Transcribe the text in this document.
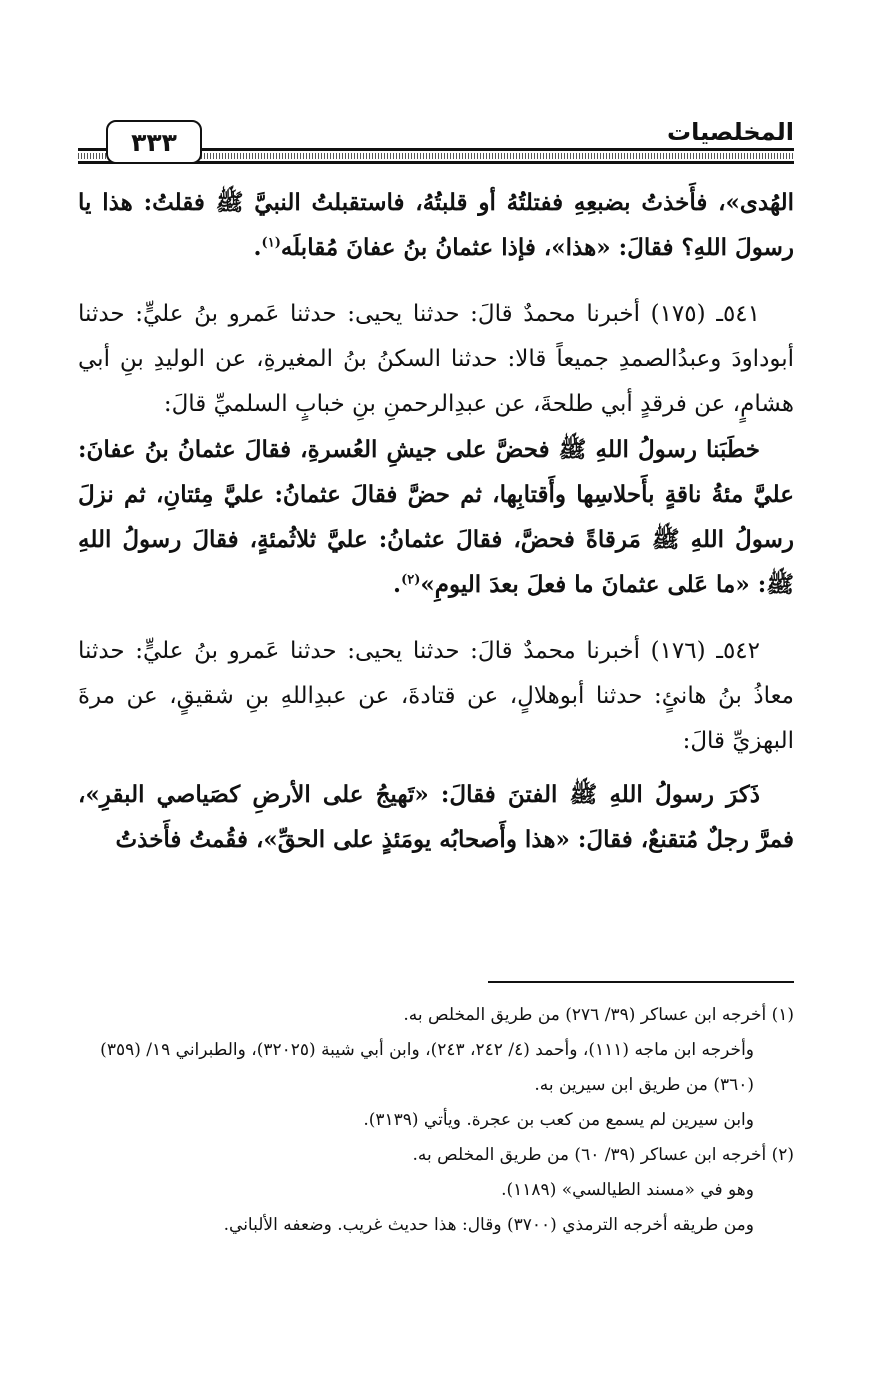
المخلصيات
٣٣٣

الهُدى»، فأَخذتُ بضبعِهِ ففتلتُهُ أو قلبتُهُ، فاستقبلتُ النبيَّ ﷺ فقلتُ: هذا يا رسولَ اللهِ؟ فقالَ: «هذا»، فإذا عثمانُ بنُ عفانَ مُقابلَه$^{(١)}$.

٥٤١ـ (١٧٥) أخبرنا محمدٌ قالَ: حدثنا يحيى: حدثنا عَمرو بنُ عليٍّ: حدثنا أبوداودَ وعبدُالصمدِ جميعاً قالا: حدثنا السكنُ بنُ المغيرةِ، عن الوليدِ بنِ أبي هشامٍ، عن فرقدٍ أبي طلحةَ، عن عبدِالرحمنِ بنِ خبابٍ السلميِّ قالَ:

خطَبَنا رسولُ اللهِ ﷺ فحضَّ على جيشِ العُسرةِ، فقالَ عثمانُ بنُ عفانَ: عليَّ مئةُ ناقةٍ بأَحلاسِها وأَقتابِها، ثم حضَّ فقالَ عثمانُ: عليَّ مِئتانِ، ثم نزلَ رسولُ اللهِ ﷺ مَرقاةً فحضَّ، فقالَ عثمانُ: عليَّ ثلاثُمئةٍ، فقالَ رسولُ اللهِ ﷺ: «ما عَلى عثمانَ ما فعلَ بعدَ اليومِ»$^{(٢)}$.

٥٤٢ـ (١٧٦) أخبرنا محمدٌ قالَ: حدثنا يحيى: حدثنا عَمرو بنُ عليٍّ: حدثنا معاذُ بنُ هانئٍ: حدثنا أبوهلالٍ، عن قتادةَ، عن عبدِاللهِ بنِ شقيقٍ، عن مرةَ البهزيِّ قالَ:

ذَكرَ رسولُ اللهِ ﷺ الفتنَ فقالَ: «تَهيجُ على الأرضِ كصَياصي البقرِ»، فمرَّ رجلٌ مُتقنعٌ، فقالَ: «هذا وأَصحابُه يومَئذٍ على الحقِّ»، فقُمتُ فأَخذتُ

(١) أخرجه ابن عساكر (٣٩/ ٢٧٦) من طريق المخلص به.

وأخرجه ابن ماجه (١١١)، وأحمد (٤/ ٢٤٢، ٢٤٣)، وابن أبي شيبة (٣٢٠٢٥)، والطبراني ١٩/ (٣٥٩) (٣٦٠) من طريق ابن سيرين به.

وابن سيرين لم يسمع من كعب بن عجرة. ويأتي (٣١٣٩).

(٢) أخرجه ابن عساكر (٣٩/ ٦٠) من طريق المخلص به.

وهو في «مسند الطيالسي» (١١٨٩).

ومن طريقه أخرجه الترمذي (٣٧٠٠) وقال: هذا حديث غريب. وضعفه الألباني.
